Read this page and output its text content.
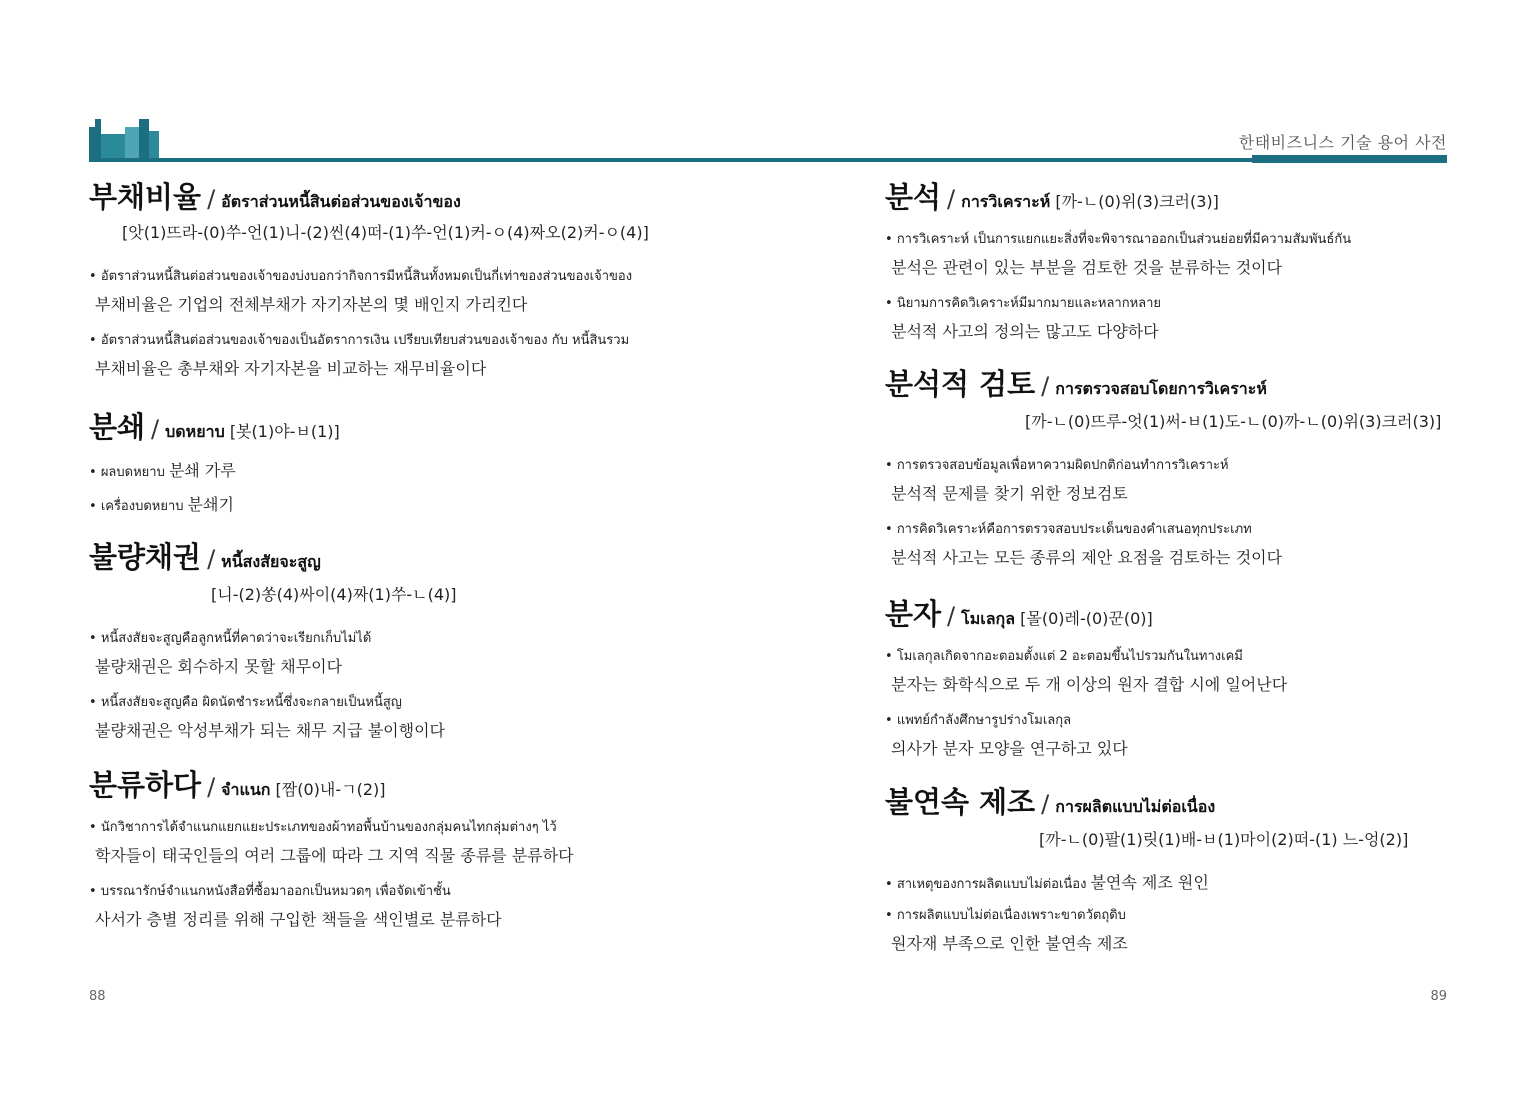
한태비즈니스 기술 용어 사전
부채비율 / อัตราส่วนหนี้สินต่อส่วนของเจ้าของ
[앗(1)뜨라-(0)쑤-언(1)니-(2)씬(4)떠-(1)쑤-언(1)커-ㅇ(4)짜오(2)커-ㅇ(4)]
• อัตราส่วนหนี้สินต่อส่วนของเจ้าของบ่งบอกว่ากิจการมีหนี้สินทั้งหมดเป็นกี่เท่าของส่วนของเจ้าของ
부채비율은 기업의 전체부채가 자기자본의 몇 배인지 가리킨다
• อัตราส่วนหนี้สินต่อส่วนของเจ้าของเป็นอัตราการเงิน เปรียบเทียบส่วนของเจ้าของ กับ หนี้สินรวม
부채비율은 총부채와 자기자본을 비교하는 재무비율이다
분쇄 / บดหยาบ [봇(1)야-ㅂ(1)]
• ผลบดหยาบ 분쇄 가루
• เครื่องบดหยาบ 분쇄기
불량채권 / หนี้สงสัยจะสูญ
[니-(2)쏭(4)싸이(4)짜(1)쑤-ㄴ(4)]
• หนี้สงสัยจะสูญคือลูกหนี้ที่คาดว่าจะเรียกเก็บไม่ได้
불량채권은 회수하지 못할 채무이다
• หนี้สงสัยจะสูญคือ ผิดนัดชำระหนี้ซึ่งจะกลายเป็นหนี้สูญ
불량채권은 악성부채가 되는 채무 지급 불이행이다
분류하다 / จำแนก [짬(0)내-ㄱ(2)]
• นักวิชาการได้จำแนกแยกแยะประเภทของผ้าทอพื้นบ้านของกลุ่มคนไทกลุ่มต่างๆ ไว้
학자들이 태국인들의 여러 그룹에 따라 그 지역 직물 종류를 분류하다
• บรรณารักษ์จำแนกหนังสือที่ซื้อมาออกเป็นหมวดๆ เพื่อจัดเข้าชั้น
사서가 층별 정리를 위해 구입한 책들을 색인별로 분류하다
분석 / การวิเคราะห์ [까-ㄴ(0)위(3)크러(3)]
• การวิเคราะห์ เป็นการแยกแยะสิ่งที่จะพิจารณาออกเป็นส่วนย่อยที่มีความสัมพันธ์กัน
분석은 관련이 있는 부분을 검토한 것을 분류하는 것이다
• นิยามการคิดวิเคราะห์มีมากมายและหลากหลาย
분석적 사고의 정의는 많고도 다양하다
분석적 검토 / การตรวจสอบโดยการวิเคราะห์
[까-ㄴ(0)뜨루-엇(1)써-ㅂ(1)도-ㄴ(0)까-ㄴ(0)위(3)크러(3)]
• การตรวจสอบข้อมูลเพื่อหาความผิดปกติก่อนทำการวิเคราะห์
분석적 문제를 찾기 위한 정보검토
• การคิดวิเคราะห์คือการตรวจสอบประเด็นของคำเสนอทุกประเภท
분석적 사고는 모든 종류의 제안 요점을 검토하는 것이다
분자 / โมเลกุล [몰(0)레-(0)꾼(0)]
• โมเลกุลเกิดจากอะตอมตั้งแต่ 2 อะตอมขึ้นไปรวมกันในทางเคมี
분자는 화학식으로 두 개 이상의 원자 결합 시에 일어난다
• แพทย์กำลังศึกษารูปร่างโมเลกุล
의사가 분자 모양을 연구하고 있다
불연속 제조 / การผลิตแบบไม่ต่อเนื่อง
[까-ㄴ(0)팔(1)릿(1)배-ㅂ(1)마이(2)떠-(1) 느-엉(2)]
• สาเหตุของการผลิตแบบไม่ต่อเนื่อง 불연속 제조 원인
• การผลิตแบบไม่ต่อเนื่องเพราะขาดวัตถุดิบ
원자재 부족으로 인한 불연속 제조
88	89
